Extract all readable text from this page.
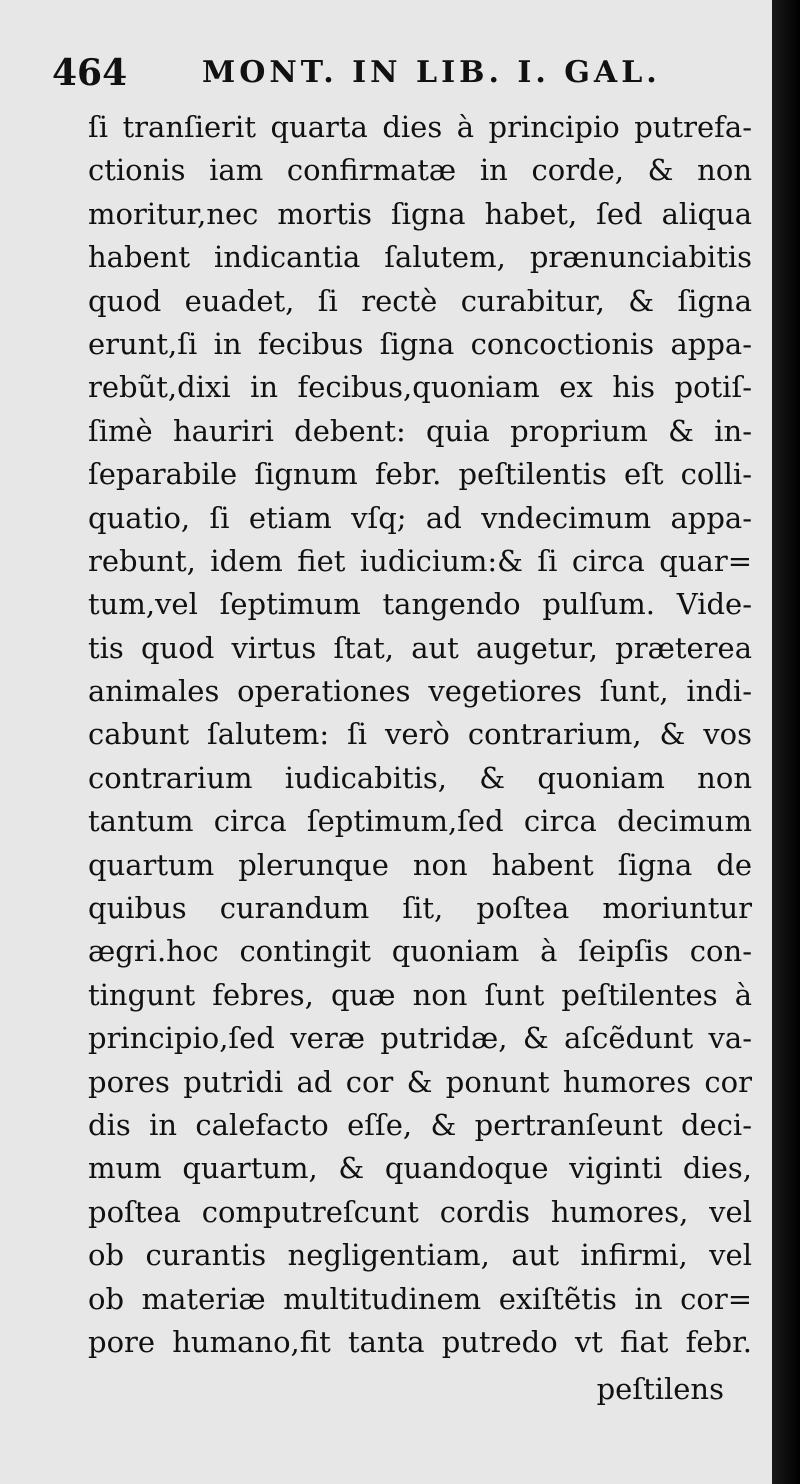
464 MONT. IN LIB. I. GAL.
ſi tranſierit quarta dies à principio putrefa-
ctionis iam confirmatæ in corde, & non
moritur,nec mortis ſigna habet, ſed aliqua
habent indicantia ſalutem, prænunciabitis
quod euadet, ſi rectè curabitur, & ſigna
erunt,ſi in fecibus ſigna concoctionis appa-
rebũt,dixi in fecibus,quoniam ex his potiſ-
ſimè hauriri debent: quia proprium & in-
ſeparabile ſignum febr. peſtilentis eſt colli-
quatio, ſi etiam vſq; ad vndecimum appa-
rebunt, idem fiet iudicium:& ſi circa quar=
tum,vel ſeptimum tangendo pulſum. Vide-
tis quod virtus ſtat, aut augetur, præterea
animales operationes vegetiores ſunt, indi-
cabunt ſalutem: ſi verò contrarium, & vos
contrarium iudicabitis, & quoniam non
tantum circa ſeptimum,ſed circa decimum
quartum plerunque non habent ſigna de
quibus curandum ſit, poſtea moriuntur
ægri.hoc contingit quoniam à ſeipſis con-
tingunt febres, quæ non ſunt peſtilentes à
principio,ſed veræ putridæ, & aſcẽdunt va-
pores putridi ad cor & ponunt humores cor
dis in calefacto eſſe, & pertranſeunt deci-
mum quartum, & quandoque viginti dies,
poſtea computreſcunt cordis humores, vel
ob curantis negligentiam, aut infirmi, vel
ob materiæ multitudinem exiſtẽtis in cor=
pore humano,fit tanta putredo vt fiat febr.
peſtilens
